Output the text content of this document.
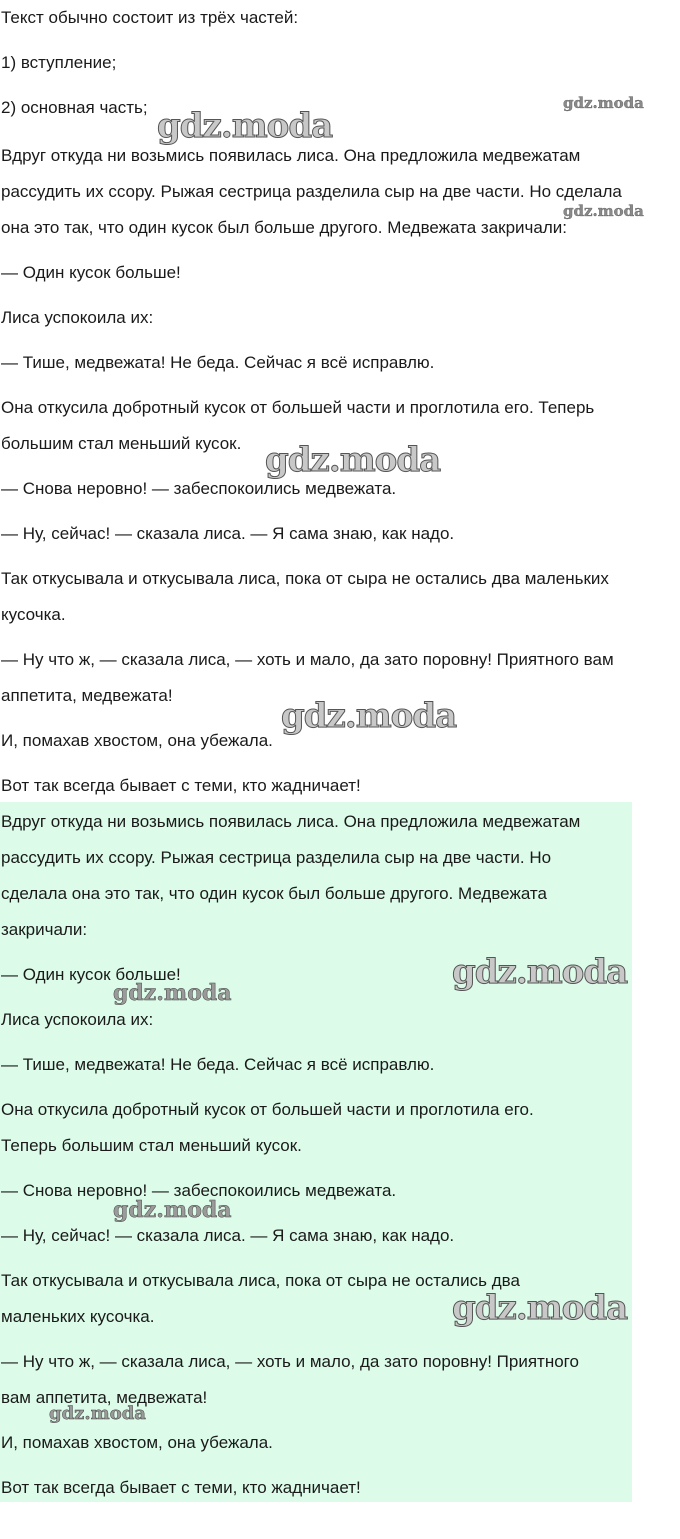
Текст обычно состоит из трёх частей:

1) вступление;

2) основная часть;

Вдруг откуда ни возьмись появилась лиса. Она предложила медвежатам

рассудить их ссору. Рыжая сестрица разделила сыр на две части. Но сделала

она это так, что один кусок был больше другого. Медвежата закричали:

— Один кусок больше!

Лиса успокоила их:

— Тише, медвежата! Не беда. Сейчас я всё исправлю.

Она откусила добротный кусок от большей части и проглотила его. Теперь

большим стал меньший кусок.

— Снова неровно! — забеспокоились медвежата.

— Ну, сейчас! — сказала лиса. — Я сама знаю, как надо.

Так откусывала и откусывала лиса, пока от сыра не остались два маленьких

кусочка.

— Ну что ж, — сказала лиса, — хоть и мало, да зато поровну! Приятного вам

аппетита, медвежата!

И, помахав хвостом, она убежала.

Вот так всегда бывает с теми, кто жадничает!

Вдруг откуда ни возьмись появилась лиса. Она предложила медвежатам

рассудить их ссору. Рыжая сестрица разделила сыр на две части. Но

сделала она это так, что один кусок был больше другого. Медвежата

закричали:

— Один кусок больше!

Лиса успокоила их:

— Тише, медвежата! Не беда. Сейчас я всё исправлю.

Она откусила добротный кусок от большей части и проглотила его.

Теперь большим стал меньший кусок.

— Снова неровно! — забеспокоились медвежата.

— Ну, сейчас! — сказала лиса. — Я сама знаю, как надо.

Так откусывала и откусывала лиса, пока от сыра не остались два

маленьких кусочка.

— Ну что ж, — сказала лиса, — хоть и мало, да зато поровну! Приятного

вам аппетита, медвежата!

И, помахав хвостом, она убежала.

Вот так всегда бывает с теми, кто жадничает!

gdz.moda
gdz.moda
gdz.moda
gdz.moda
gdz.moda
gdz.moda
gdz.moda
gdz.moda
gdz.moda
gdz.moda
